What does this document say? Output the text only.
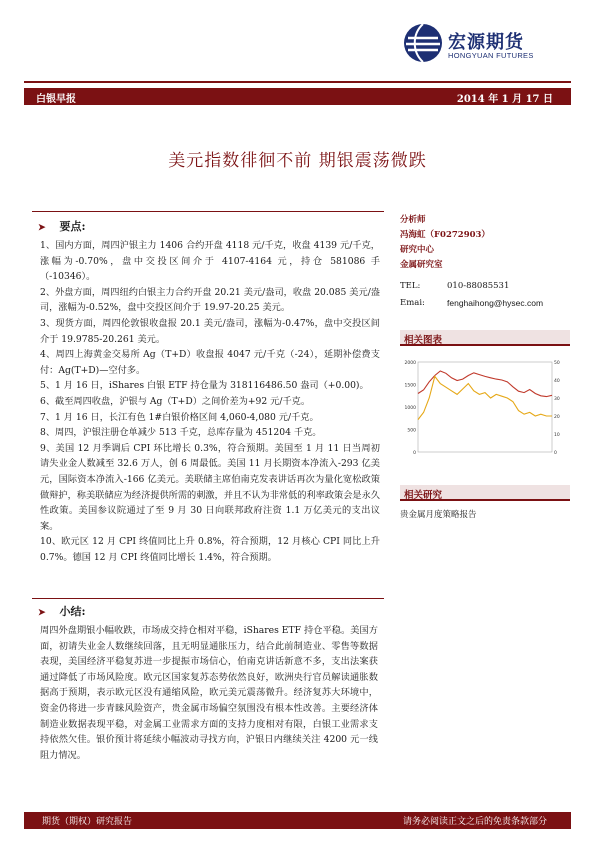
宏源期货
HONGYUAN FUTURES
白银早报	2014 年 1 月 17 日
美元指数徘徊不前 期银震荡微跌
➤ 要点:

1、国内方面，周四沪银主力 1406 合约开盘 4118 元/千克，收盘 4139 元/千克，涨幅为-0.70%，盘中交投区间介于 4107-4164 元，持仓 581086 手（-10346）。

2、外盘方面，周四纽约白银主力合约开盘 20.21 美元/盎司，收盘 20.085 美元/盎司，涨幅为-0.52%，盘中交投区间介于 19.97-20.25 美元。

3、现货方面，周四伦敦银收盘报 20.1 美元/盎司，涨幅为-0.47%，盘中交投区间介于 19.9785-20.261 美元。

4、周四上海黄金交易所 Ag（T+D）收盘报 4047 元/千克（-24），延期补偿费支付：Ag(T+D)—空付多。

5、1 月 16 日，iShares 白银 ETF 持仓量为 318116486.50 盎司（+0.00)。

6、截至周四收盘，沪银与 Ag（T+D）之间价差为+92 元/千克。

7、1 月 16 日，长江有色 1#白银价格区间 4,060-4,080 元/千克。

8、周四，沪银注册仓单减少 513 千克，总库存量为 451204 千克。

9、美国 12 月季调后 CPI 环比增长 0.3%，符合预期。美国至 1 月 11 日当周初请失业金人数减至 32.6 万人，创 6 周最低。美国 11 月长期资本净流入-293 亿美元，国际资本净流入-166 亿美元。美联储主席伯南克发表讲话再次为量化宽松政策做辩护，称美联储应为经济提供所需的刺激，并且不认为非常低的利率政策会是永久性政策。美国参议院通过了至 9 月 30 日向联邦政府注资 1.1 万亿美元的支出议案。

10、欧元区 12 月 CPI 终值同比上升 0.8%，符合预期，12 月核心 CPI 同比上升 0.7%。德国 12 月 CPI 终值同比增长 1.4%，符合预期。

➤ 小结:
周四外盘期银小幅收跌，市场成交持仓相对平稳，iShares ETF 持仓平稳。美国方面，初请失业金人数继续回落，且无明显通胀压力，结合此前制造业、零售等数据表现，美国经济平稳复苏进一步提振市场信心，伯南克讲话新意不多，支出法案获通过降低了市场风险度。欧元区国家复苏态势依然良好，欧洲央行官员解读通胀数据高于预期，表示欧元区没有通缩风险，欧元美元震荡微升。经济复苏大环境中，资金仍将进一步青睐风险资产，贵金属市场偏空氛围没有根本性改善。主要经济体制造业数据表现平稳，对金属工业需求方面的支持力度相对有限，白银工业需求支持依然欠佳。银价预计将延续小幅波动寻找方向，沪银日内继续关注 4200 元一线阻力情况。
分析师
冯海虹（F0272903）
研究中心
金属研究室
TEL:	010-88085531
Emai:	fenghaihong@hysec.com
相关图表
2000
1500
1000
500
0
50
40
30
20
10
0
相关研究
贵金属月度策略报告
期货（期权）研究报告	请务必阅读正文之后的免责条款部分
